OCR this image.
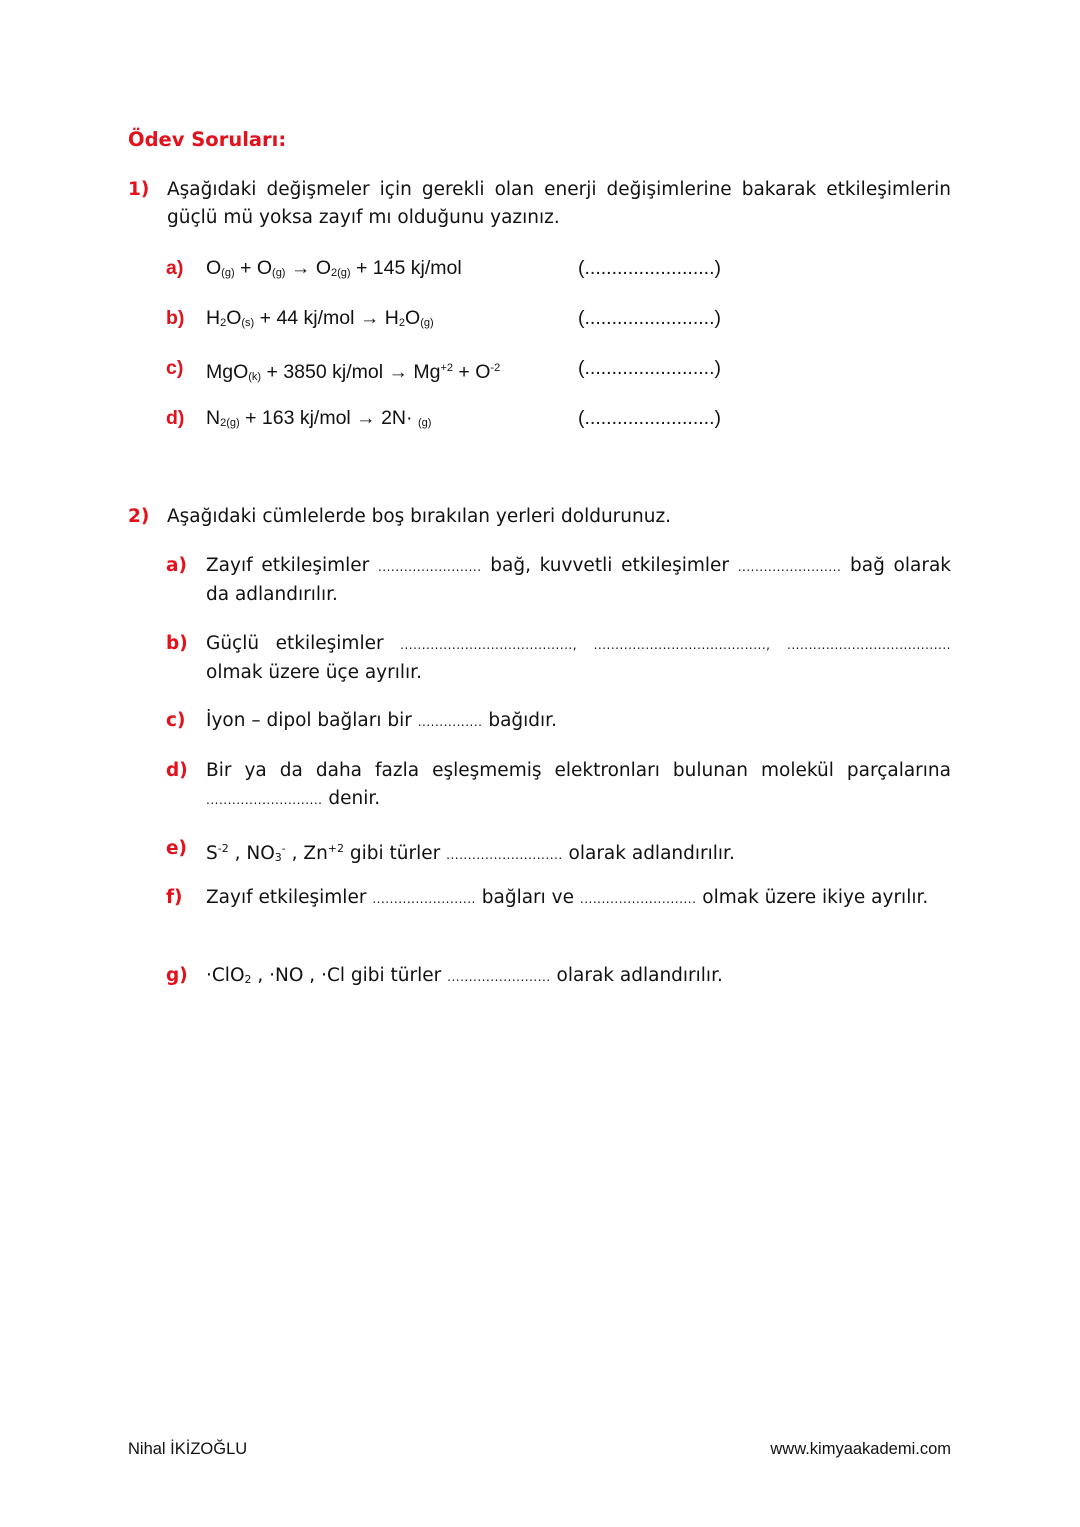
Ödev Soruları:
1) Aşağıdaki değişmeler için gerekli olan enerji değişimlerine bakarak etkileşimlerin güçlü mü yoksa zayıf mı olduğunu yazınız.
a) $O_{(g)} + O_{(g)} \to O_{2(g)} + 145$ kj/mol	(........................)
b) $H_2O_{(s)} + 44$ $kj/mol \to H_2O_{(g)}$	(........................)
c) MgO$_{(k)}$ + 3850 $kj/mol \to Mg^{+2} + O^{-2}$	(........................)
d) $N_{2(g)} + 163$ kj/mol → 2N· $_{(g)}$	(........................)
2) Aşağıdaki cümlelerde boş bırakılan yerleri doldurunuz.
a) Zayıf etkileşimler ........................ bağ, kuvvetli etkileşimler ........................ bağ olarak da adlandırılır.
b) Güçlü etkileşimler ........................................, ........................................, ...................................... olmak üzere üçe ayrılır.
c) İyon – dipol bağları bir ............... bağıdır.
d) Bir ya da daha fazla eşleşmemiş elektronları bulunan molekül parçalarına ........................... denir.
e) $S^{-2}$ , $NO_3^-$ , $Zn^{+2}$ gibi türler ........................... olarak adlandırılır.
f) Zayıf etkileşimler ........................ bağları ve ........................... olmak üzere ikiye ayrılır.
g) ·ClO$_2$ , ·NO , ·Cl gibi türler ........................ olarak adlandırılır.
Nihal İKİZOĞLU	www.kimyaakademi.com
